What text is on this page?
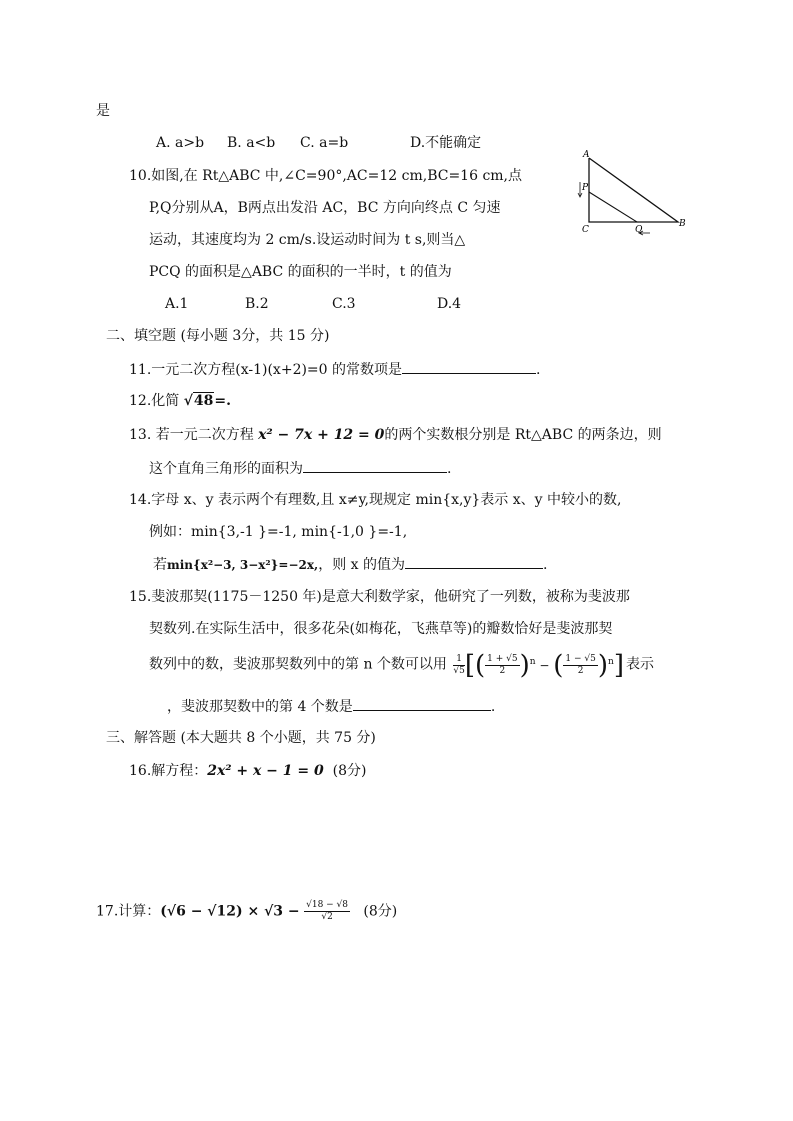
是
A. a>b B. a<b C. a=b	D.不能确定
10.如图,在 Rt△ABC 中,∠C=90°,AC=12 cm,BC=16 cm,点
P,Q分别从A，B两点出发沿 AC，BC 方向向终点 C 匀速
运动，其速度均为 2 cm/s.设运动时间为 t s,则当△
PCQ 的面积是△ABC 的面积的一半时，t 的值为
A.1	B.2	C.3	D.4
A
P
C	Q
B
二、填空题 (每小题 3分，共 15 分)
11.一元二次方程(x-1)(x+2)=0 的常数项是	.
12.化简 √48=.
13. 若一元二次方程 x² − 7x + 12 = 0的两个实数根分别是 Rt△ABC 的两条边，则
这个直角三角形的面积为	.
14.字母 x、y 表示两个有理数,且 x≠y,现规定 min{x,y}表示 x、y 中较小的数,
例如：min{3,-1 }=-1, min{-1,0 }=-1,
若min{x²−3, 3−x²}=−2x,，则 x 的值为	.
15.斐波那契(1175－1250 年)是意大利数学家，他研究了一列数，被称为斐波那
契数列.在实际生活中，很多花朵(如梅花，飞燕草等)的瓣数恰好是斐波那契
数列中的数，斐波那契数列中的第 n 个数可以用 $\frac{1}{√5}$ [( $\frac{1 + √5}{2} )^n$ − ( $\frac{1 - √5}{2} )^n$] 表示
，斐波那契数中的第 4 个数是	.
三、解答题 (本大题共 8 个小题，共 75 分)
16.解方程：2x² + x − 1 = 0 (8分)
17.计算：$(√6 - √12) \times √3 - \frac{√18 - √8}{√2} (8$分)
